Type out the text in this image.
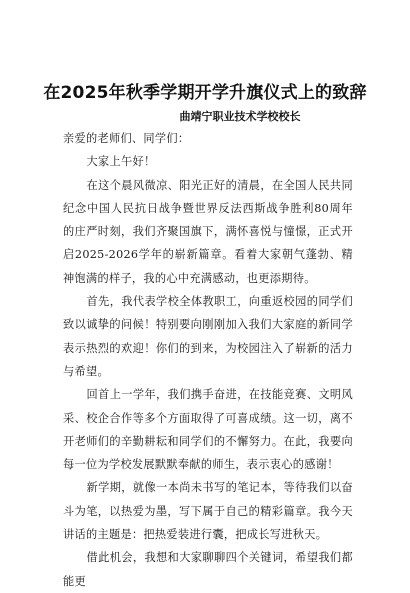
在2025年秋季学期开学升旗仪式上的致辞
曲靖宁职业技术学校校长

亲爱的老师们、同学们：

大家上午好！

在这个晨风微凉、阳光正好的清晨，在全国人民共同纪念中国人民抗日战争暨世界反法西斯战争胜利80周年的庄严时刻，我们齐聚国旗下，满怀喜悦与憧憬，正式开启2025-2026学年的崭新篇章。看着大家朝气蓬勃、精神饱满的样子，我的心中充满感动，也更添期待。

首先，我代表学校全体教职工，向重返校园的同学们致以诚挚的问候！特别要向刚刚加入我们大家庭的新同学表示热烈的欢迎！你们的到来，为校园注入了崭新的活力与希望。

回首上一学年，我们携手奋进，在技能竞赛、文明风采、校企合作等多个方面取得了可喜成绩。这一切，离不开老师们的辛勤耕耘和同学们的不懈努力。在此，我要向每一位为学校发展默默奉献的师生，表示衷心的感谢！

新学期，就像一本尚未书写的笔记本，等待我们以奋斗为笔，以热爱为墨，写下属于自己的精彩篇章。我今天讲话的主题是：把热爱装进行囊，把成长写进秋天。

借此机会，我想和大家聊聊四个关键词，希望我们都能更
